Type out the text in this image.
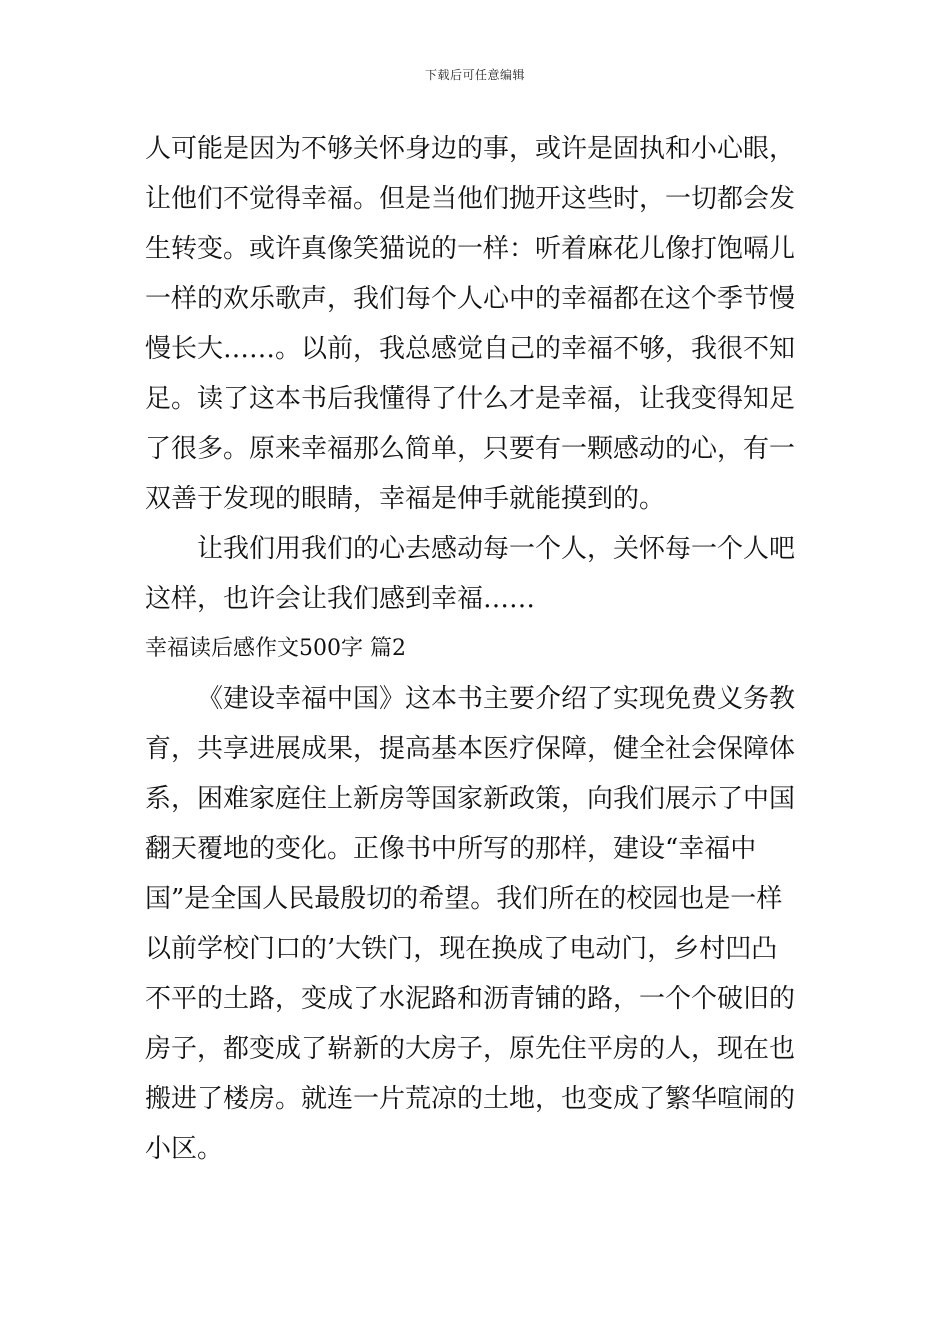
下载后可任意编辑
人可能是因为不够关怀身边的事，或许是固执和小心眼，
让他们不觉得幸福。但是当他们抛开这些时，一切都会发
生转变。或许真像笑猫说的一样：听着麻花儿像打饱嗝儿
一样的欢乐歌声，我们每个人心中的幸福都在这个季节慢
慢长大……。以前，我总感觉自己的幸福不够，我很不知
足。读了这本书后我懂得了什么才是幸福，让我变得知足
了很多。原来幸福那么简单，只要有一颗感动的心，有一
双善于发现的眼睛，幸福是伸手就能摸到的。
让我们用我们的心去感动每一个人，关怀每一个人吧
这样，也许会让我们感到幸福……
幸福读后感作文500字 篇2
《建设幸福中国》这本书主要介绍了实现免费义务教
育，共享进展成果，提高基本医疗保障，健全社会保障体
系，困难家庭住上新房等国家新政策，向我们展示了中国
翻天覆地的变化。正像书中所写的那样，建设“幸福中
国”是全国人民最殷切的希望。我们所在的校园也是一样
以前学校门口的’大铁门，现在换成了电动门，乡村凹凸
不平的土路，变成了水泥路和沥青铺的路，一个个破旧的
房子，都变成了崭新的大房子，原先住平房的人，现在也
搬进了楼房。就连一片荒凉的土地，也变成了繁华喧闹的
小区。
